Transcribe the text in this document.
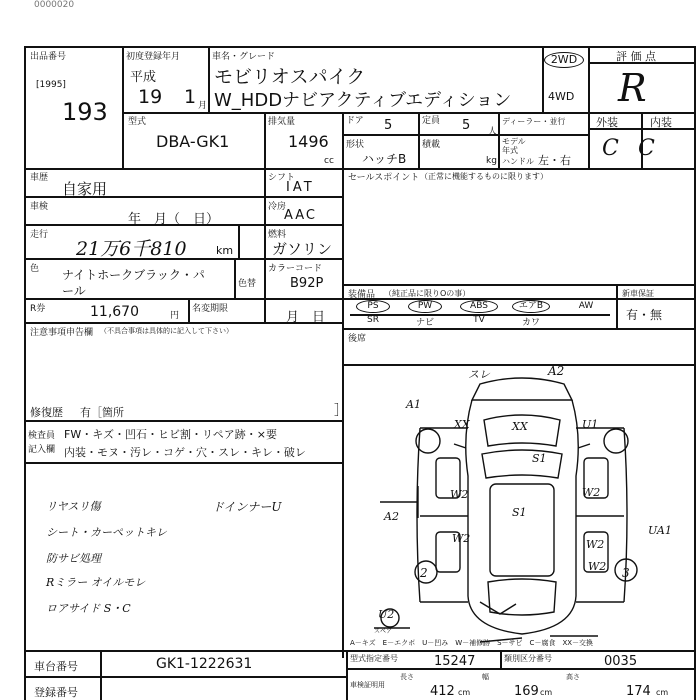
0000020
出品番号
[1995]
193
初度登録年月
平成
19 1 月
車名・グレード
モビリオスパイク
W_HDDナビアクティブエディション
2WD
4WD
評 価 点
R
外装	内装
C C
型式
DBA-GK1
排気量
1496
cc
ドア 5	定員 5 人
ディーラー・並行
形状
ハッチB
積載
kg
モデル 年式
ハンドル 左・右
車歴
自家用
シフト
IAT
セールスポイント （正常に機能するものに限ります）
車検
年　月（　日）
冷房
AAC
走行
21万6千810	km
燃料
ガソリン
色 ナイトホークブラック・パ
ール	色替
カラーコード
B92P
R券	11,670	円
名変期限
月　日
装備品 （純正品に限りOの事）	新車保証
有・無
PS	PW	ABS	エアB	AW
SR	ナビ	TV	カワ
後席
注意事項申告欄 （不具合事項は具体的に記入して下さい）
修復歴 有［箇所	］
検査員
記入欄
FW・キズ・凹石・ヒビ割・リペア跡・×要
内装・モヌ・汚レ・コゲ・穴・スレ・キレ・破レ
リヤスリ傷
シート・カーペットキレ
防サビ処理
Rミラー オイルモレ
ロアサイド S・C
ドインナーU
スレ	A2
A1
XX	XX	U1
S1
W2	W2
UA1
W2	W2
A2	S1
W2
2	3
U2
スペア
A－キズ　E－エクボ　U－凹み　W－補修跡　S－サビ　C－腐食　XX－交換
車台番号	GK1-1222631
登録番号
型式指定番号	15247	類別区分番号	0035
車検証明用
長さ
412 cm
幅
169 cm
高さ
174 cm
